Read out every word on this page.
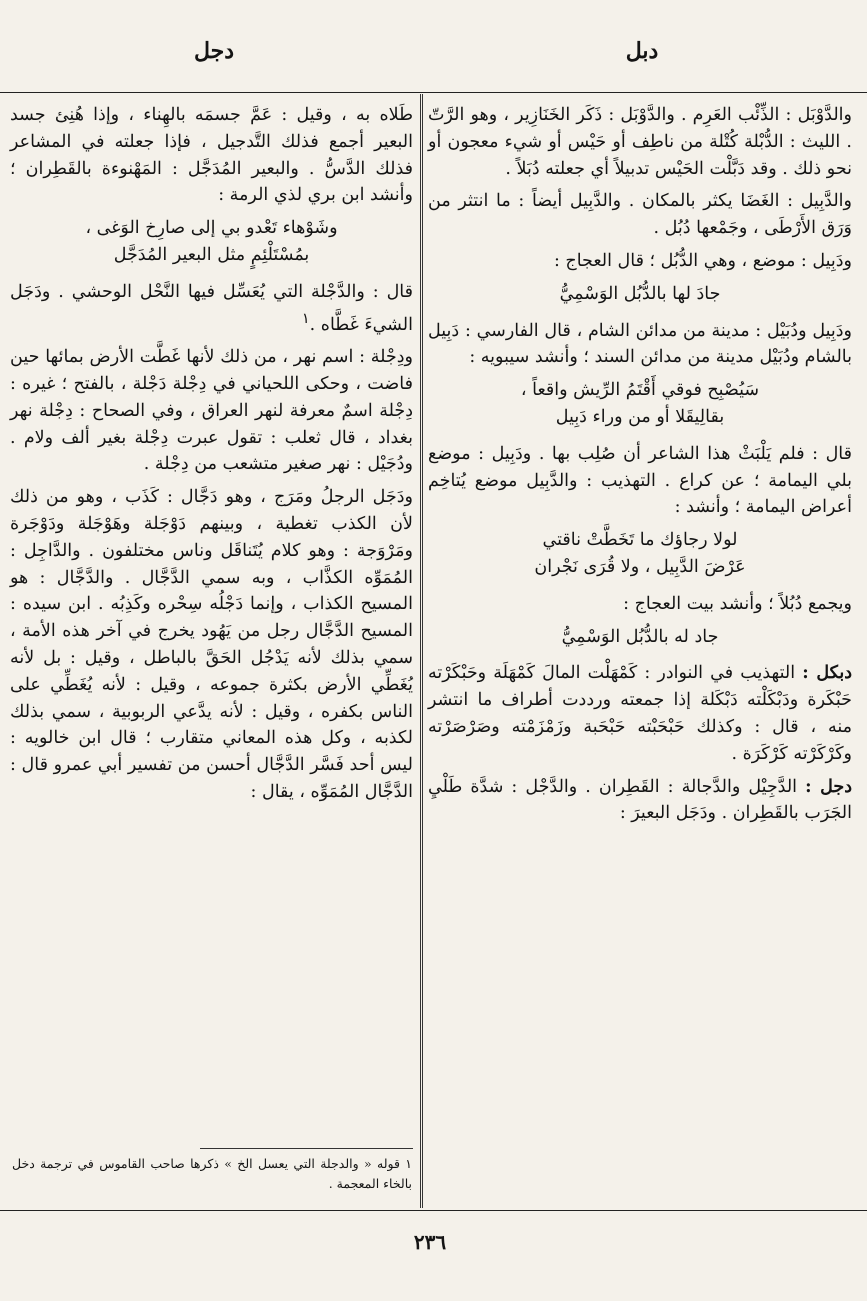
دبل
دجل

والدَّوْبَل : الذِّئْب العَرِم . والدَّوْبَل : ذَكَر الخَنَازِير ، وهو الرَّتّ . الليث : الدُّبْلة كُتْلة من ناطِف أو حَيْس أو شيء معجون أو نحو ذلك . وقد دَبَّلْت الحَيْس تدبيلاً أي جعلته دُبَلاً .

والدَّبِيل : الغَضَا يكثر بالمكان . والدَّبِيل أيضاً : ما انتثر من وَرَق الأَرْطَى ، وجَمْعها دُبُل .

ودَبِيل : موضع ، وهي الدُّبُل ؛ قال العجاج :

جادَ لها بالدُّبُل الوَسْمِيُّ

ودَبِيل ودُبَيْل : مدينة من مدائن الشام ، قال الفارسي : دَبِيل بالشام ودُبَيْل مدينة من مدائن السند ؛ وأنشد سيبويه :

سَيُصْبِح فوقي أَقْتَمُ الرِّيش واقعاً ،
بقالِيقَلا أو من وراء دَبِيل

قال : فلم يَلْبَثْ هذا الشاعر أن صُلِب بها . ودَبِيل : موضع بلي اليمامة ؛ عن كراع . التهذيب : والدَّبِيل موضع يُتاخِم أعراض اليمامة ؛ وأنشد :

لولا رجاؤك ما تَخَطَّتْ ناقتي
عَرْضَ الدَّبِيل ، ولا قُرَى نَجْران

ويجمع دُبُلاً ؛ وأنشد بيت العجاج :

جاد له بالدُّبُل الوَسْمِيُّ

دبكل : التهذيب في النوادر : كَمْهَلْت المالَ كَمْهَلَة وحَبْكَرْته حَبْكَرة ودَبْكَلْته دَبْكَلة إذا جمعته ورددت أطراف ما انتشر منه ، قال : وكذلك حَبْحَبْته حَبْحَبة وزَمْزَمْته وصَرْصَرْته وكَرْكَرْته كَرْكَرَة .

دجل : الدَّجِيْل والدَّجالة : القَطِران . والدَّجْل : شدَّة طَلْيِ الجَرَب بالقَطِران . ودَجَل البعيرَ :

طَلاه به ، وقيل : عَمَّ جسمَه بالهِناء ، وإذا هُنِئ جسد البعير أجمع فذلك التَّدجيل ، فإذا جعلته في المشاعر فذلك الدَّسُّ . والبعير المُدَجَّل : المَهْنوءة بالقَطِران ؛ وأنشد ابن بري لذي الرمة :

وشَوْهاء تَعْدو بي إلى صارِخ الوَغى ،
بمُسْتَلْئِمٍ مثل البعير المُدَجَّل

قال : والدَّجْلة التي يُعَسِّل فيها النَّحْل الوحشي . ودَجَل الشيءَ غَطَّاه .$^١$

ودِجْلة : اسم نهر ، من ذلك لأنها غَطَّت الأرض بمائها حين فاضت ، وحكى اللحياني في دِجْلة دَجْلة ، بالفتح ؛ غيره : دِجْلة اسمٌ معرفة لنهر العراق ، وفي الصحاح : دِجْلة نهر بغداد ، قال ثعلب : تقول عبرت دِجْلة بغير ألف ولام . ودُجَيْل : نهر صغير متشعب من دِجْلة .

ودَجَل الرجلُ ومَرَج ، وهو دَجَّال : كَذَب ، وهو من ذلك لأن الكذب تغطية ، وبينهم دَوْجَلة وهَوْجَلة ودَوْجَرة ومَرْوَجة : وهو كلام يُتَناقَل وناس مختلفون . والدَّاجِل : المُمَوِّه الكذَّاب ، وبه سمي الدَّجَّال . والدَّجَّال : هو المسيح الكذاب ، وإنما دَجْلُه سِحْره وكَذِبُه . ابن سيده : المسيح الدَّجَّال رجل من يَهُود يخرج في آخر هذه الأمة ، سمي بذلك لأنه يَدْجُل الحَقَّ بالباطل ، وقيل : بل لأنه يُغَطِّي الأرض بكثرة جموعه ، وقيل : لأنه يُغَطِّي على الناس بكفره ، وقيل : لأنه يدَّعي الربوبية ، سمي بذلك لكذبه ، وكل هذه المعاني متقارب ؛ قال ابن خالويه : ليس أحد فَسَّر الدَّجَّال أحسن من تفسير أبي عمرو قال : الدَّجَّال المُمَوِّه ، يقال :

١ قوله « والدجلة التي يعسل الخ » ذكرها صاحب القاموس في ترجمة دخل بالخاء المعجمة .
٢٣٦
